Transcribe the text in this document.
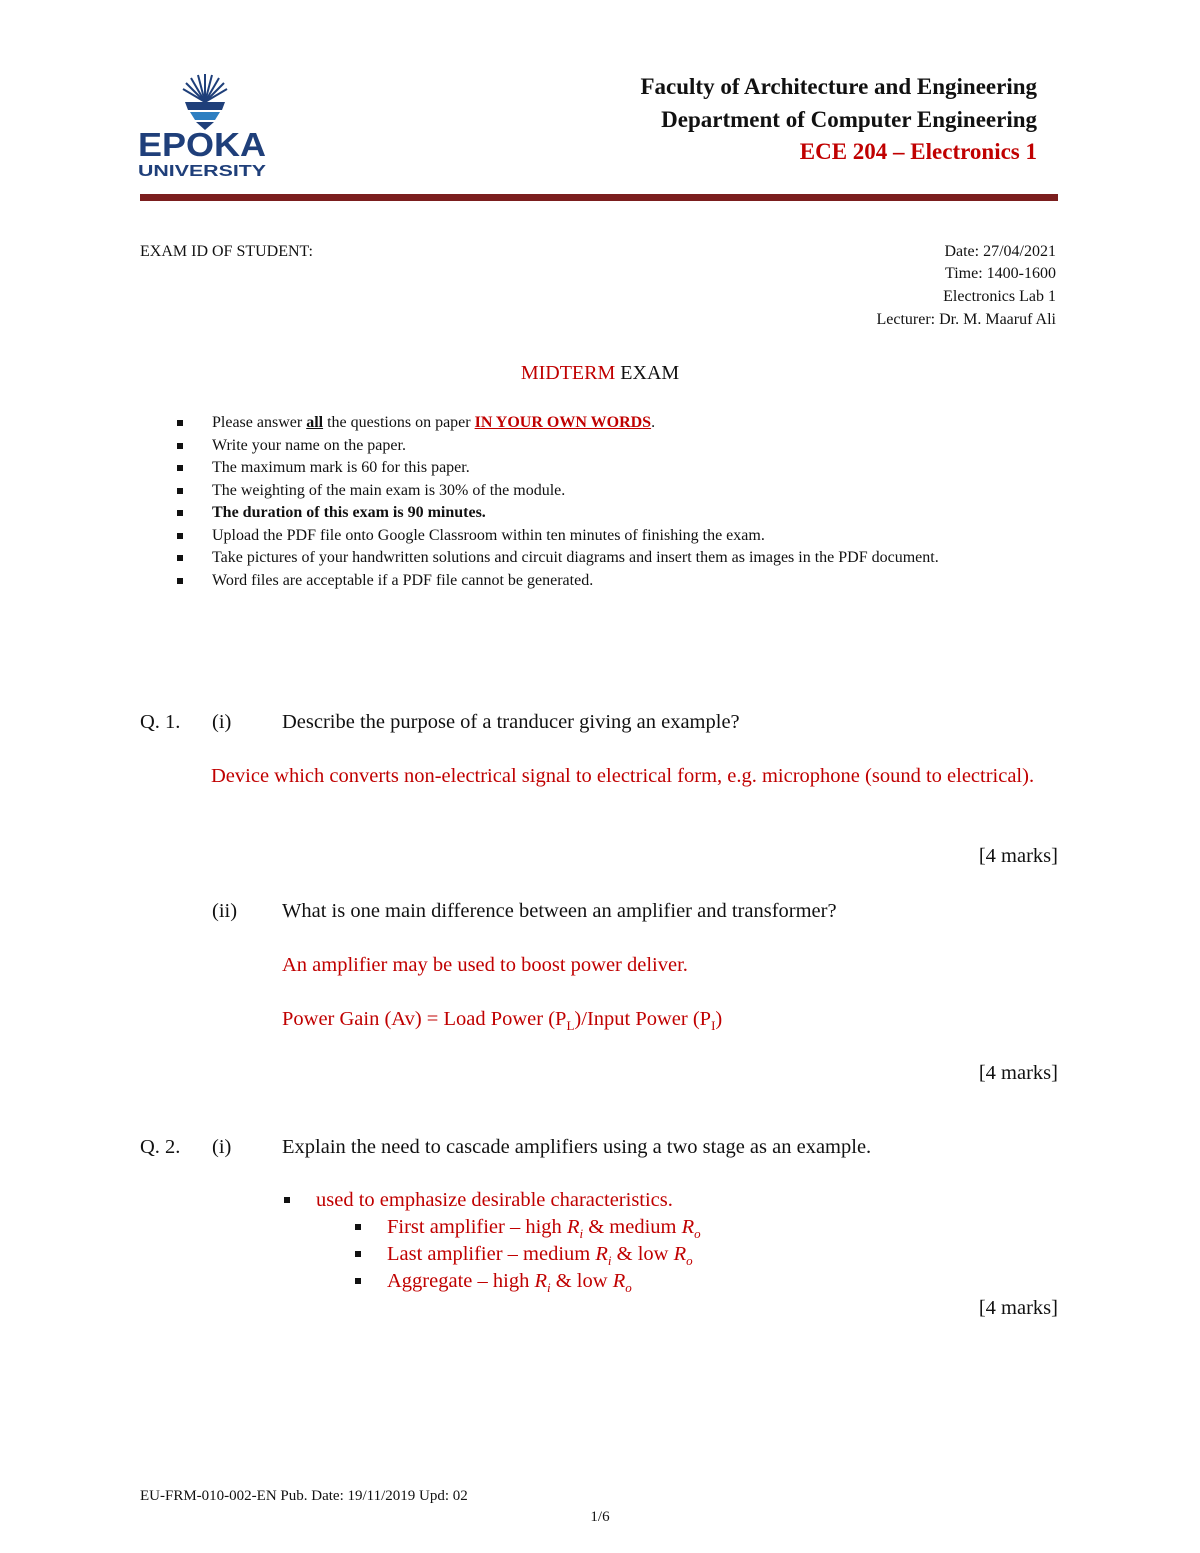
EPOKA
UNIVERSITY
Faculty of Architecture and Engineering
Department of Computer Engineering
ECE 204 – Electronics 1
EXAM ID OF STUDENT:	Date: 27/04/2021
Time: 1400-1600
Electronics Lab 1
Lecturer: Dr. M. Maaruf Ali
MIDTERM EXAM
Please answer all the questions on paper IN YOUR OWN WORDS.
Write your name on the paper.
The maximum mark is 60 for this paper.
The weighting of the main exam is 30% of the module.
The duration of this exam is 90 minutes.
Upload the PDF file onto Google Classroom within ten minutes of finishing the exam.
Take pictures of your handwritten solutions and circuit diagrams and insert them as images in the PDF document.
Word files are acceptable if a PDF file cannot be generated.
Q. 1. (i) Describe the purpose of a tranducer giving an example?
Device which converts non-electrical signal to electrical form, e.g. microphone (sound to electrical).
[4 marks]
(ii) What is one main difference between an amplifier and transformer?
An amplifier may be used to boost power deliver.
Power Gain (Av) = Load Power $(P_L)$/Input Power $(P_I)$
[4 marks]
Q. 2. (i) Explain the need to cascade amplifiers using a two stage as an example.
used to emphasize desirable characteristics.
First amplifier – high $R_i$ & medium $R_o$
Last amplifier – medium $R_i$ & low $R_o$
Aggregate – high $R_i$ & low $R_o$
[4 marks]
EU-FRM-010-002-EN Pub. Date: 19/11/2019 Upd: 02
1/6
